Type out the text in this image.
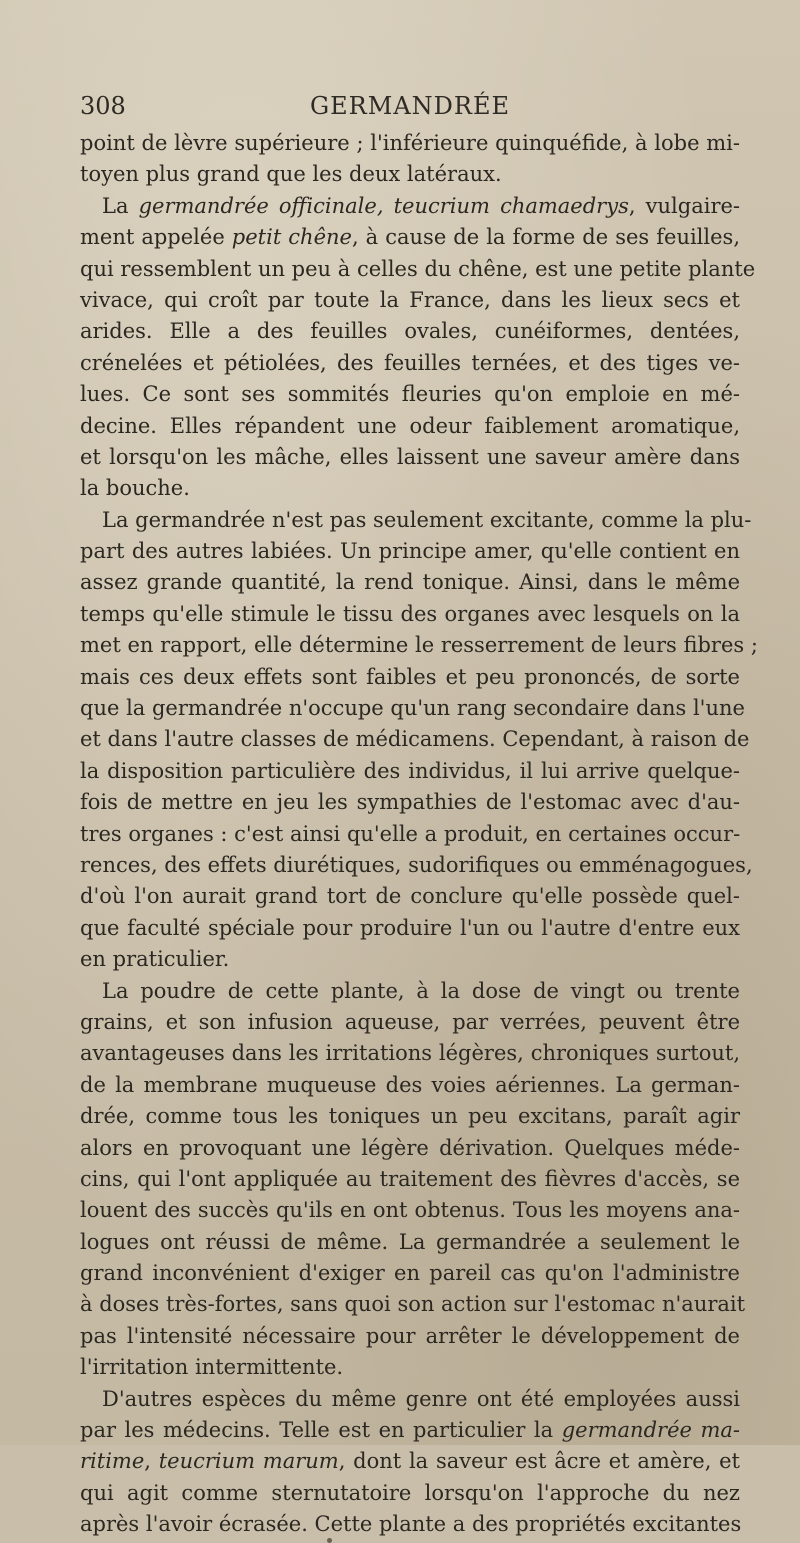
308	GERMANDRÉE
point de lèvre supérieure ; l'inférieure quinquéfide, à lobe mi-
toyen plus grand que les deux latéraux.
La germandrée officinale, teucrium chamaedrys, vulgaire-
ment appelée petit chêne, à cause de la forme de ses feuilles,
qui ressemblent un peu à celles du chêne, est une petite plante
vivace, qui croît par toute la France, dans les lieux secs et
arides. Elle a des feuilles ovales, cunéiformes, dentées,
crénelées et pétiolées, des feuilles ternées, et des tiges ve-
lues. Ce sont ses sommités fleuries qu'on emploie en mé-
decine. Elles répandent une odeur faiblement aromatique,
et lorsqu'on les mâche, elles laissent une saveur amère dans
la bouche.
La germandrée n'est pas seulement excitante, comme la plu-
part des autres labiées. Un principe amer, qu'elle contient en
assez grande quantité, la rend tonique. Ainsi, dans le même
temps qu'elle stimule le tissu des organes avec lesquels on la
met en rapport, elle détermine le resserrement de leurs fibres ;
mais ces deux effets sont faibles et peu prononcés, de sorte
que la germandrée n'occupe qu'un rang secondaire dans l'une
et dans l'autre classes de médicamens. Cependant, à raison de
la disposition particulière des individus, il lui arrive quelque-
fois de mettre en jeu les sympathies de l'estomac avec d'au-
tres organes : c'est ainsi qu'elle a produit, en certaines occur-
rences, des effets diurétiques, sudorifiques ou emménagogues,
d'où l'on aurait grand tort de conclure qu'elle possède quel-
que faculté spéciale pour produire l'un ou l'autre d'entre eux
en praticulier.
La poudre de cette plante, à la dose de vingt ou trente
grains, et son infusion aqueuse, par verrées, peuvent être
avantageuses dans les irritations légères, chroniques surtout,
de la membrane muqueuse des voies aériennes. La german-
drée, comme tous les toniques un peu excitans, paraît agir
alors en provoquant une légère dérivation. Quelques méde-
cins, qui l'ont appliquée au traitement des fièvres d'accès, se
louent des succès qu'ils en ont obtenus. Tous les moyens ana-
logues ont réussi de même. La germandrée a seulement le
grand inconvénient d'exiger en pareil cas qu'on l'administre
à doses très-fortes, sans quoi son action sur l'estomac n'aurait
pas l'intensité nécessaire pour arrêter le développement de
l'irritation intermittente.
D'autres espèces du même genre ont été employées aussi
par les médecins. Telle est en particulier la germandrée ma-
ritime, teucrium marum, dont la saveur est âcre et amère, et
qui agit comme sternutatoire lorsqu'on l'approche du nez
après l'avoir écrasée. Cette plante a des propriétés excitantes
